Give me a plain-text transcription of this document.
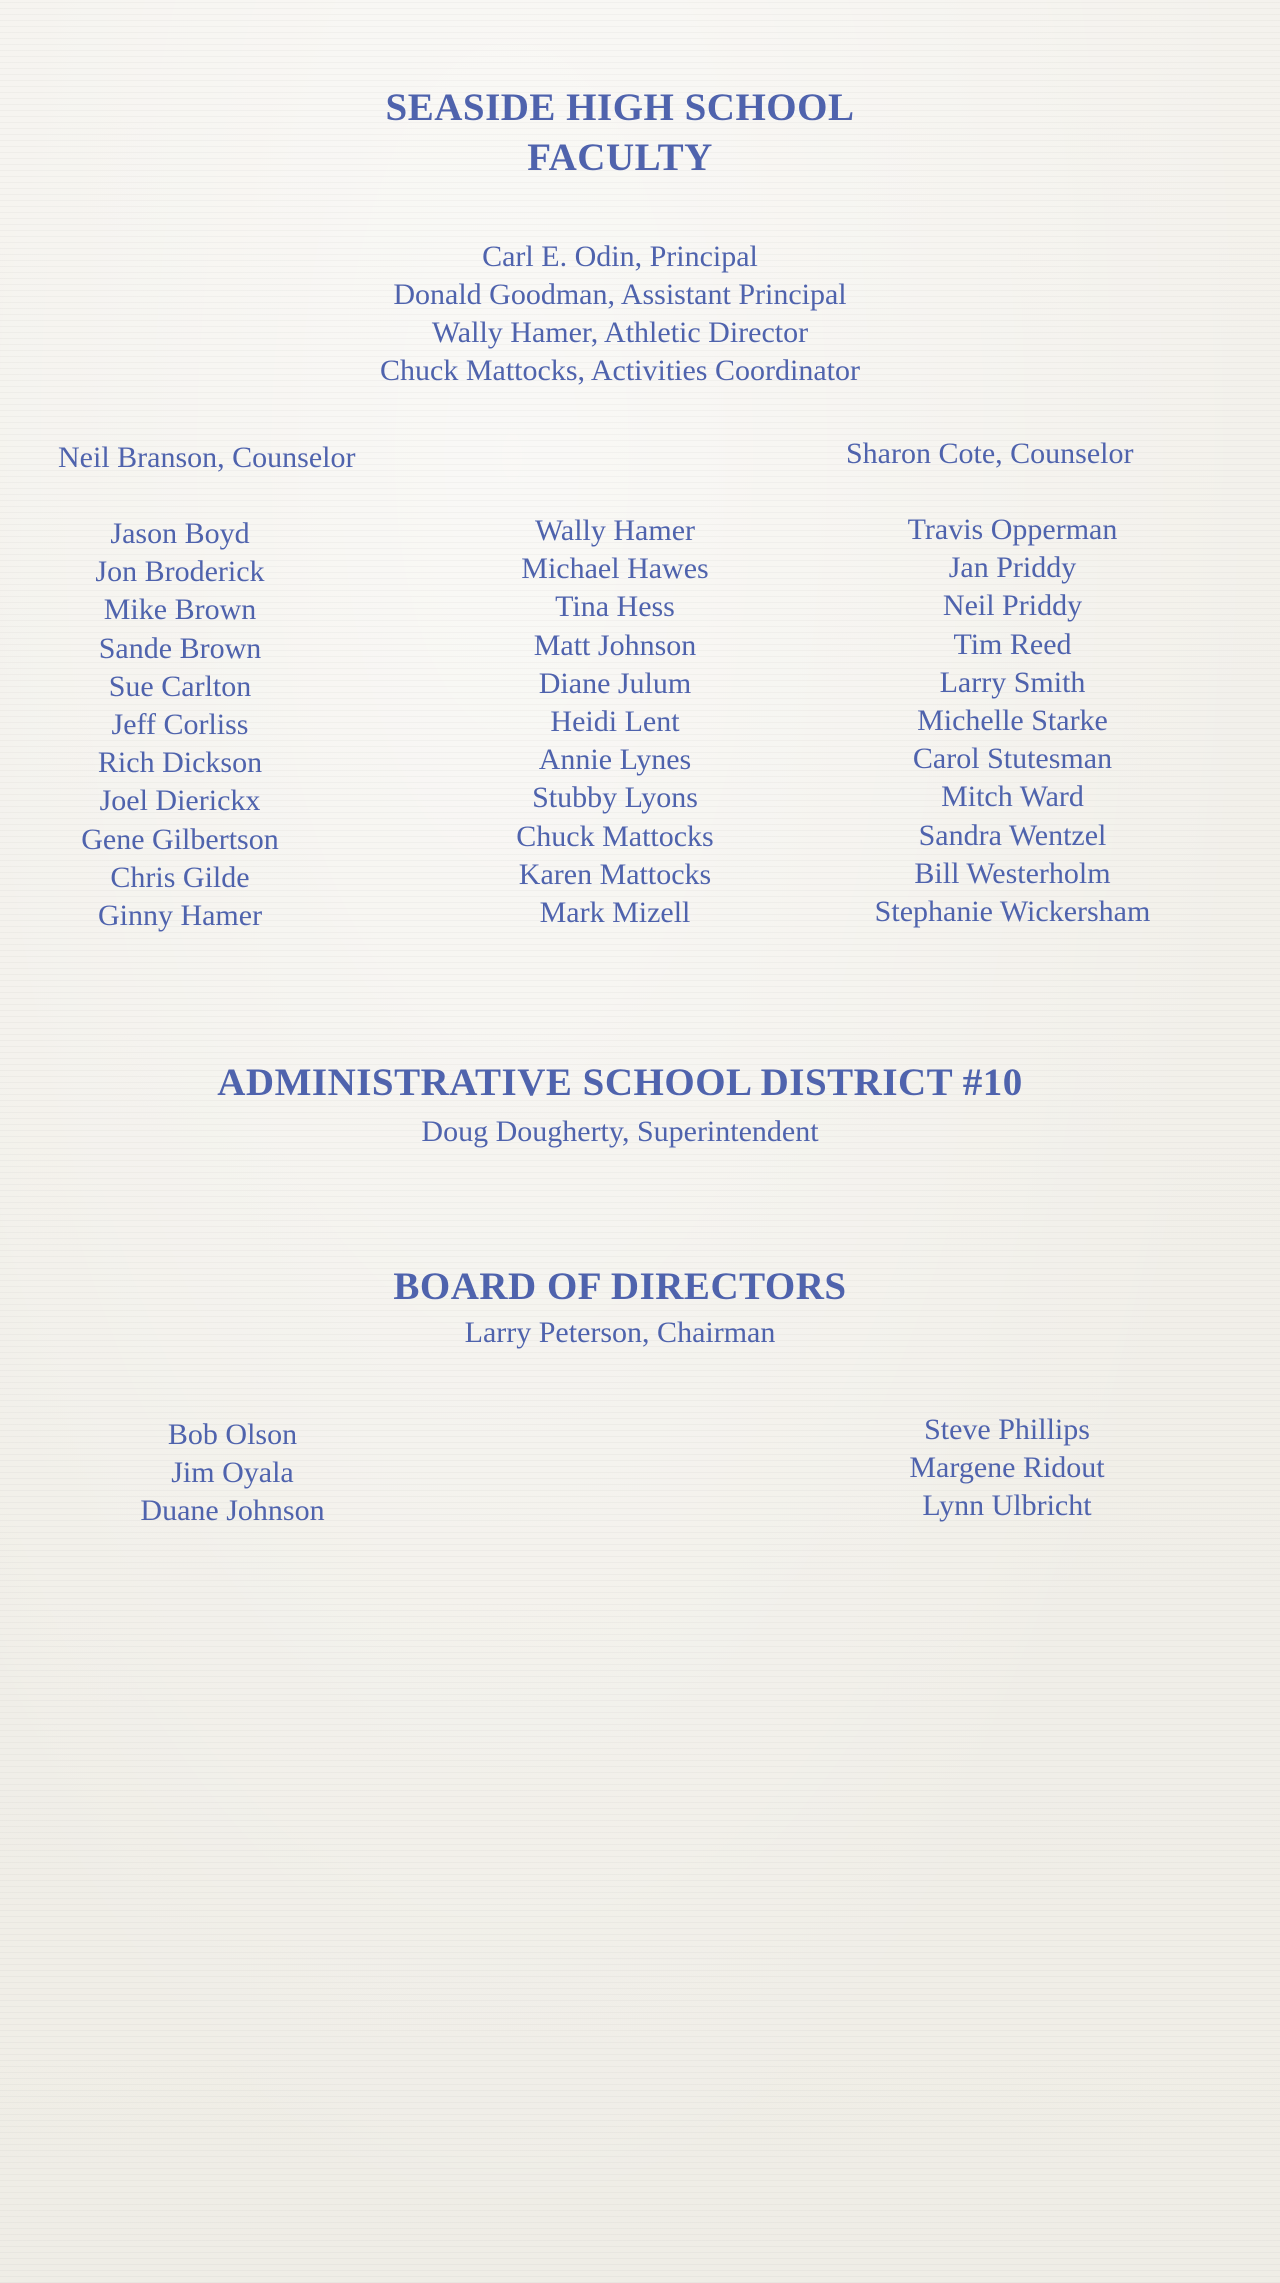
SEASIDE HIGH SCHOOL
FACULTY
Carl E. Odin, Principal
Donald Goodman, Assistant Principal
Wally Hamer, Athletic Director
Chuck Mattocks, Activities Coordinator
Neil Branson, Counselor	Sharon Cote, Counselor
Jason Boyd
Jon Broderick
Mike Brown
Sande Brown
Sue Carlton
Jeff Corliss
Rich Dickson
Joel Dierickx
Gene Gilbertson
Chris Gilde
Ginny Hamer
Wally Hamer
Michael Hawes
Tina Hess
Matt Johnson
Diane Julum
Heidi Lent
Annie Lynes
Stubby Lyons
Chuck Mattocks
Karen Mattocks
Mark Mizell
Travis Opperman
Jan Priddy
Neil Priddy
Tim Reed
Larry Smith
Michelle Starke
Carol Stutesman
Mitch Ward
Sandra Wentzel
Bill Westerholm
Stephanie Wickersham
ADMINISTRATIVE SCHOOL DISTRICT #10
Doug Dougherty, Superintendent
BOARD OF DIRECTORS
Larry Peterson, Chairman
Bob Olson
Jim Oyala
Duane Johnson
Steve Phillips
Margene Ridout
Lynn Ulbricht
